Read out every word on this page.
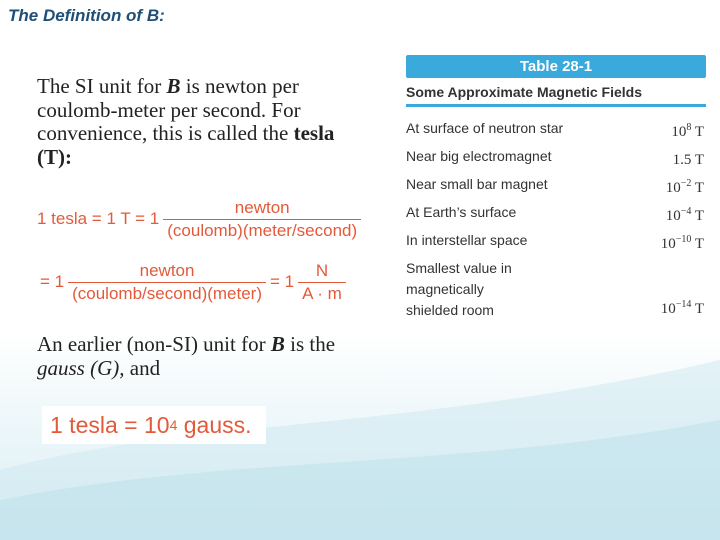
The Definition of B:

The SI unit for B is newton per coulomb-meter per second. For convenience, this is called the tesla (T):

1 tesla = 1 $T = 1 \frac{\text{newton}}{\text{(coulomb)(meter/second)}}$
= $1 \frac{\text{newton}}{\text{(coulomb/second)(meter)}} = 1 \frac{N}{A \cdot m}$

An earlier (non-SI) unit for B is the gauss (G), and

1 tesla = 10 4 gauss.
Table 28-1
Some Approximate Magnetic Fields
At surface of neutron star	$10^8$ T
Near big electromagnet	1.5 T
Near small bar magnet	$10^{-2}$ T
At Earth’s surface	$10^{-4}$ T
In interstellar space	$10^{-10}$ T
Smallest value in
magnetically
shielded room	$10^{-14}$ T
